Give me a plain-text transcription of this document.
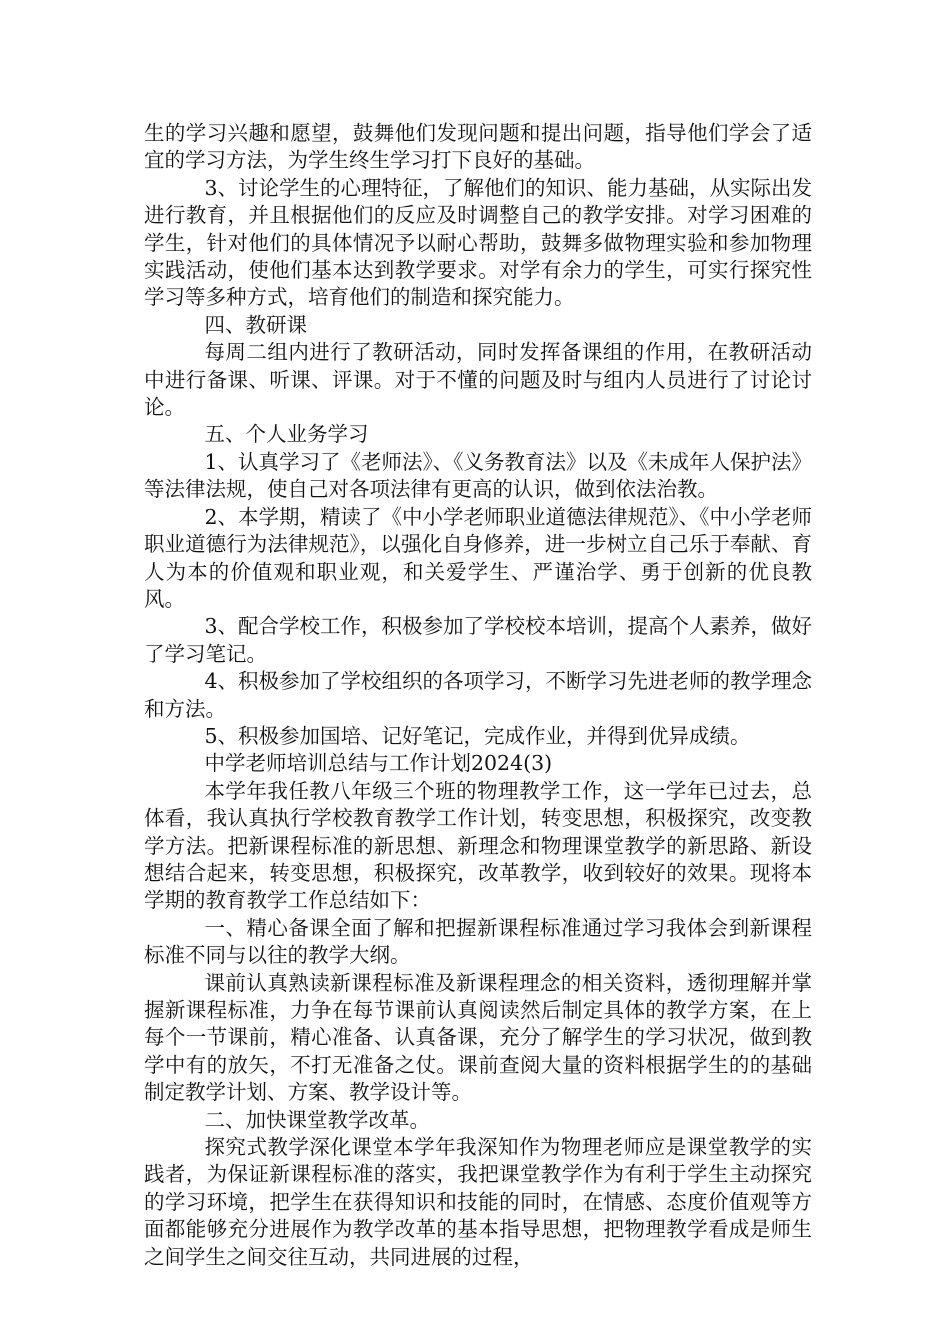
生的学习兴趣和愿望，鼓舞他们发现问题和提出问题，指导他们学会了适宜的学习方法，为学生终生学习打下良好的基础。

3、讨论学生的心理特征，了解他们的知识、能力基础，从实际出发进行教育，并且根据他们的反应及时调整自己的教学安排。对学习困难的学生，针对他们的具体情况予以耐心帮助，鼓舞多做物理实验和参加物理实践活动，使他们基本达到教学要求。对学有余力的学生，可实行探究性学习等多种方式，培育他们的制造和探究能力。

四、教研课

每周二组内进行了教研活动，同时发挥备课组的作用，在教研活动中进行备课、听课、评课。对于不懂的问题及时与组内人员进行了讨论讨论。

五、个人业务学习

1、认真学习了《老师法》、《义务教育法》以及《未成年人保护法》等法律法规，使自己对各项法律有更高的认识，做到依法治教。

2、本学期，精读了《中小学老师职业道德法律规范》、《中小学老师职业道德行为法律规范》，以强化自身修养，进一步树立自己乐于奉献、育人为本的价值观和职业观，和关爱学生、严谨治学、勇于创新的优良教风。

3、配合学校工作，积极参加了学校校本培训，提高个人素养，做好了学习笔记。

4、积极参加了学校组织的各项学习，不断学习先进老师的教学理念和方法。

5、积极参加国培、记好笔记，完成作业，并得到优异成绩。

中学老师培训总结与工作计划2024(3)

本学年我任教八年级三个班的物理教学工作，这一学年已过去，总体看，我认真执行学校教育教学工作计划，转变思想，积极探究，改变教学方法。把新课程标准的新思想、新理念和物理课堂教学的新思路、新设想结合起来，转变思想，积极探究，改革教学，收到较好的效果。现将本学期的教育教学工作总结如下：

一、精心备课全面了解和把握新课程标准通过学习我体会到新课程标准不同与以往的教学大纲。

课前认真熟读新课程标准及新课程理念的相关资料，透彻理解并掌握新课程标准，力争在每节课前认真阅读然后制定具体的教学方案，在上每个一节课前，精心准备、认真备课，充分了解学生的学习状况，做到教学中有的放矢，不打无准备之仗。课前查阅大量的资料根据学生的的基础制定教学计划、方案、教学设计等。

二、加快课堂教学改革。

探究式教学深化课堂本学年我深知作为物理老师应是课堂教学的实践者，为保证新课程标准的落实，我把课堂教学作为有利于学生主动探究的学习环境，把学生在获得知识和技能的同时，在情感、态度价值观等方面都能够充分进展作为教学改革的基本指导思想，把物理教学看成是师生之间学生之间交往互动，共同进展的过程，
